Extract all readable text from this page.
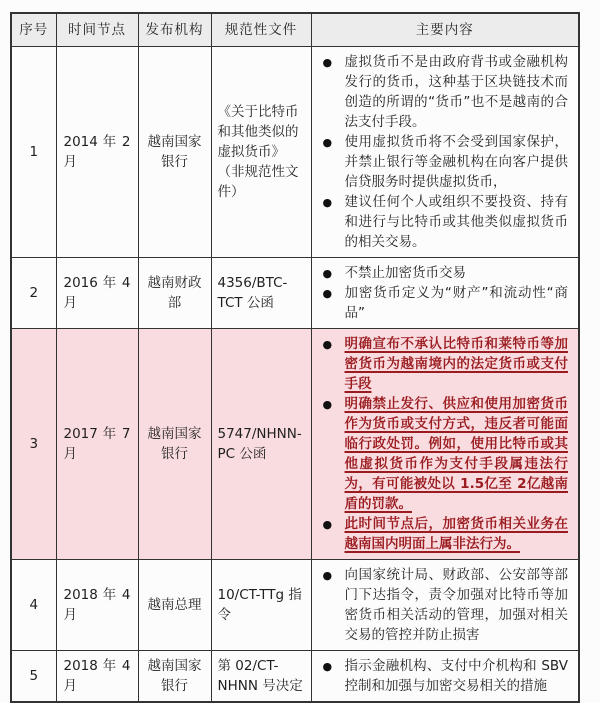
序号	时间节点	发布机构	规范性文件	主要内容
1	2014 年 2 月	越南国家银行	《关于比特币和其他类似的虚拟货币》（非规范性文件）	
● 虚拟货币不是由政府背书或金融机构发行的货币，这种基于区块链技术而创造的所谓的“货币”也不是越南的合法支付手段。
● 使用虚拟货币将不会受到国家保护，并禁止银行等金融机构在向客户提供信贷服务时提供虚拟货币，
● 建议任何个人或组织不要投资、持有和进行与比特币或其他类似虚拟货币的相关交易。

2	2016 年 4 月	越南财政部	4356/BTC-TCT 公函	● 不禁止加密货币交易
● 加密货币定义为“财产”和流动性“商品”

3	2017 年 7 月	越南国家银行	5747/NHNN-PC 公函	
● 明确宣布不承认比特币和莱特币等加密货币为越南境内的法定货币或支付手段
● 明确禁止发行、供应和使用加密货币作为货币或支付方式，违反者可能面临行政处罚。例如，使用比特币或其他虚拟货币作为支付手段属违法行为，有可能被处以 1.5亿至 2亿越南盾的罚款。
● 此时间节点后，加密货币相关业务在越南国内明面上属非法行为。

4	2018 年 4 月	越南总理	10/CT-TTg 指令	● 向国家统计局、财政部、公安部等部门下达指令，责令加强对比特币等加密货币相关活动的管理，加强对相关交易的管控并防止损害

5	2018 年 4 月	越南国家银行	第 02/CT-NHNN 号决定	● 指示金融机构、支付中介机构和 SBV 控制和加强与加密交易相关的措施
